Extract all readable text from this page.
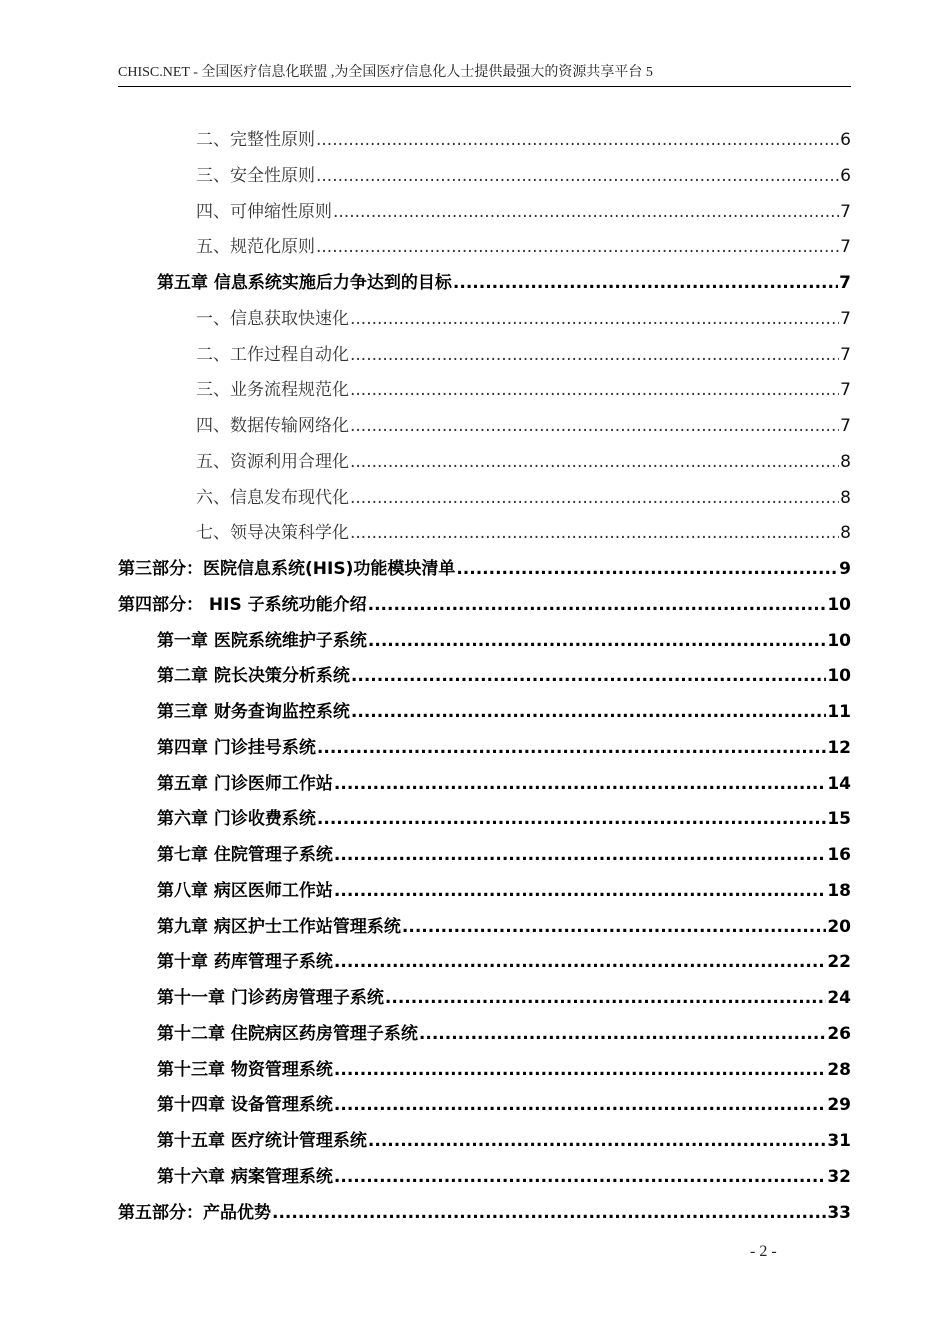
CHISC.NET - 全国医疗信息化联盟 ,为全国医疗信息化人士提供最强大的资源共享平台 5
二、完整性原则 .....	6
三、安全性原则 .....	6
四、可伸缩性原则 .....	7
五、规范化原则 .....	7
第五章 信息系统实施后力争达到的目标 .....	7
一、信息获取快速化 .....	7
二、工作过程自动化 .....	7
三、业务流程规范化 .....	7
四、数据传输网络化 .....	7
五、资源利用合理化 .....	8
六、信息发布现代化 .....	8
七、领导决策科学化 .....	8
第三部分：医院信息系统(HIS)功能模块清单 .....	9
第四部分： HIS 子系统功能介绍 .....	10
第一章 医院系统维护子系统 .....	10
第二章 院长决策分析系统 .....	10
第三章 财务查询监控系统 .....	11
第四章 门诊挂号系统 .....	12
第五章 门诊医师工作站 .....	14
第六章 门诊收费系统 .....	15
第七章 住院管理子系统 .....	16
第八章 病区医师工作站 .....	18
第九章 病区护士工作站管理系统 .....	20
第十章 药库管理子系统 .....	22
第十一章 门诊药房管理子系统 .....	24
第十二章 住院病区药房管理子系统 .....	26
第十三章 物资管理系统 .....	28
第十四章 设备管理系统 .....	29
第十五章 医疗统计管理系统 .....	31
第十六章 病案管理系统 .....	32
第五部分：产品优势 .....	33
- 2 -
